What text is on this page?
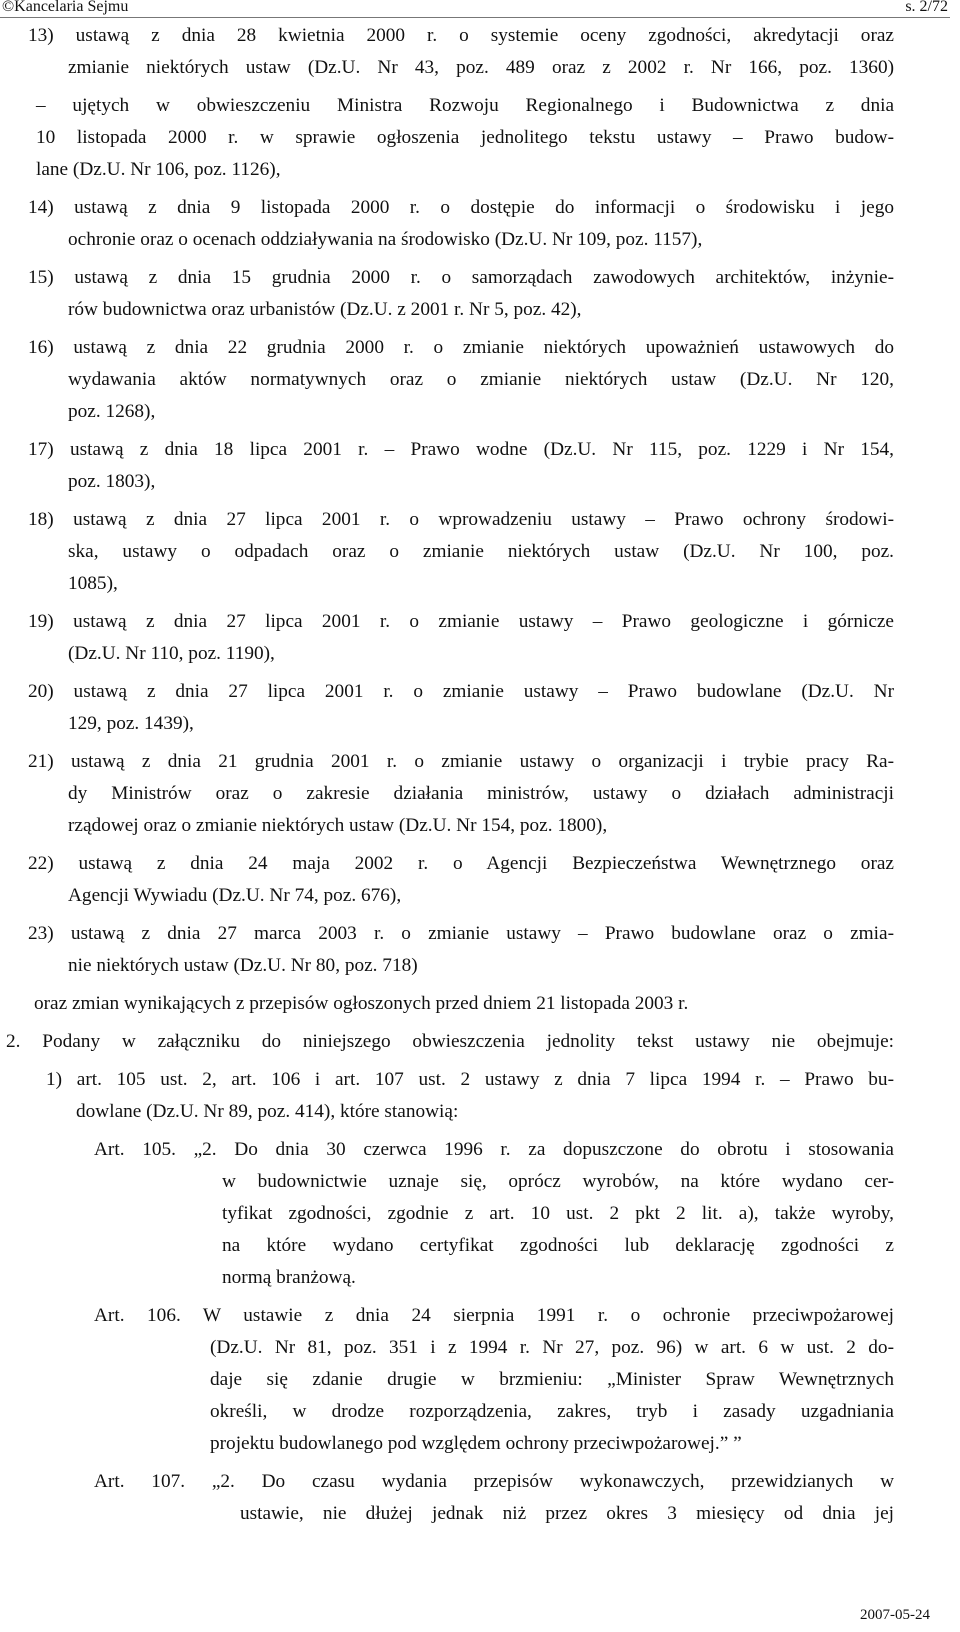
©Kancelaria Sejmu	s. 2/72
13) ustawą z dnia 28 kwietnia 2000 r. o systemie oceny zgodności, akredytacji oraz
zmianie niektórych ustaw (Dz.U. Nr 43, poz. 489 oraz z 2002 r. Nr 166, poz. 1360)
– ujętych w obwieszczeniu Ministra Rozwoju Regionalnego i Budownictwa z dnia
10 listopada 2000 r. w sprawie ogłoszenia jednolitego tekstu ustawy – Prawo budow-
lane (Dz.U. Nr 106, poz. 1126),
14) ustawą z dnia 9 listopada 2000 r. o dostępie do informacji o środowisku i jego
ochronie oraz o ocenach oddziaływania na środowisko (Dz.U. Nr 109, poz. 1157),
15) ustawą z dnia 15 grudnia 2000 r. o samorządach zawodowych architektów, inżynie-
rów budownictwa oraz urbanistów (Dz.U. z 2001 r. Nr 5, poz. 42),
16) ustawą z dnia 22 grudnia 2000 r. o zmianie niektórych upoważnień ustawowych do
wydawania aktów normatywnych oraz o zmianie niektórych ustaw (Dz.U. Nr 120,
poz. 1268),
17) ustawą z dnia 18 lipca 2001 r. – Prawo wodne (Dz.U. Nr 115, poz. 1229 i Nr 154,
poz. 1803),
18) ustawą z dnia 27 lipca 2001 r. o wprowadzeniu ustawy – Prawo ochrony środowi-
ska, ustawy o odpadach oraz o zmianie niektórych ustaw (Dz.U. Nr 100, poz.
1085),
19) ustawą z dnia 27 lipca 2001 r. o zmianie ustawy – Prawo geologiczne i górnicze
(Dz.U. Nr 110, poz. 1190),
20) ustawą z dnia 27 lipca 2001 r. o zmianie ustawy – Prawo budowlane (Dz.U. Nr
129, poz. 1439),
21) ustawą z dnia 21 grudnia 2001 r. o zmianie ustawy o organizacji i trybie pracy Ra-
dy Ministrów oraz o zakresie działania ministrów, ustawy o działach administracji
rządowej oraz o zmianie niektórych ustaw (Dz.U. Nr 154, poz. 1800),
22) ustawą z dnia 24 maja 2002 r. o Agencji Bezpieczeństwa Wewnętrznego oraz
Agencji Wywiadu (Dz.U. Nr 74, poz. 676),
23) ustawą z dnia 27 marca 2003 r. o zmianie ustawy – Prawo budowlane oraz o zmia-
nie niektórych ustaw (Dz.U. Nr 80, poz. 718)
oraz zmian wynikających z przepisów ogłoszonych przed dniem 21 listopada 2003 r.
2. Podany w załączniku do niniejszego obwieszczenia jednolity tekst ustawy nie obejmuje:
1) art. 105 ust. 2, art. 106 i art. 107 ust. 2 ustawy z dnia 7 lipca 1994 r. – Prawo bu-
dowlane (Dz.U. Nr 89, poz. 414), które stanowią:
Art. 105. „2. Do dnia 30 czerwca 1996 r. za dopuszczone do obrotu i stosowania
w budownictwie uznaje się, oprócz wyrobów, na które wydano cer-
tyfikat zgodności, zgodnie z art. 10 ust. 2 pkt 2 lit. a), także wyroby,
na które wydano certyfikat zgodności lub deklarację zgodności z
normą branżową.
Art. 106. W ustawie z dnia 24 sierpnia 1991 r. o ochronie przeciwpożarowej
(Dz.U. Nr 81, poz. 351 i z 1994 r. Nr 27, poz. 96) w art. 6 w ust. 2 do-
daje się zdanie drugie w brzmieniu: „Minister Spraw Wewnętrznych
określi, w drodze rozporządzenia, zakres, tryb i zasady uzgadniania
projektu budowlanego pod względem ochrony przeciwpożarowej.” ”
Art. 107. „2. Do czasu wydania przepisów wykonawczych, przewidzianych w
ustawie, nie dłużej jednak niż przez okres 3 miesięcy od dnia jej
2007-05-24
